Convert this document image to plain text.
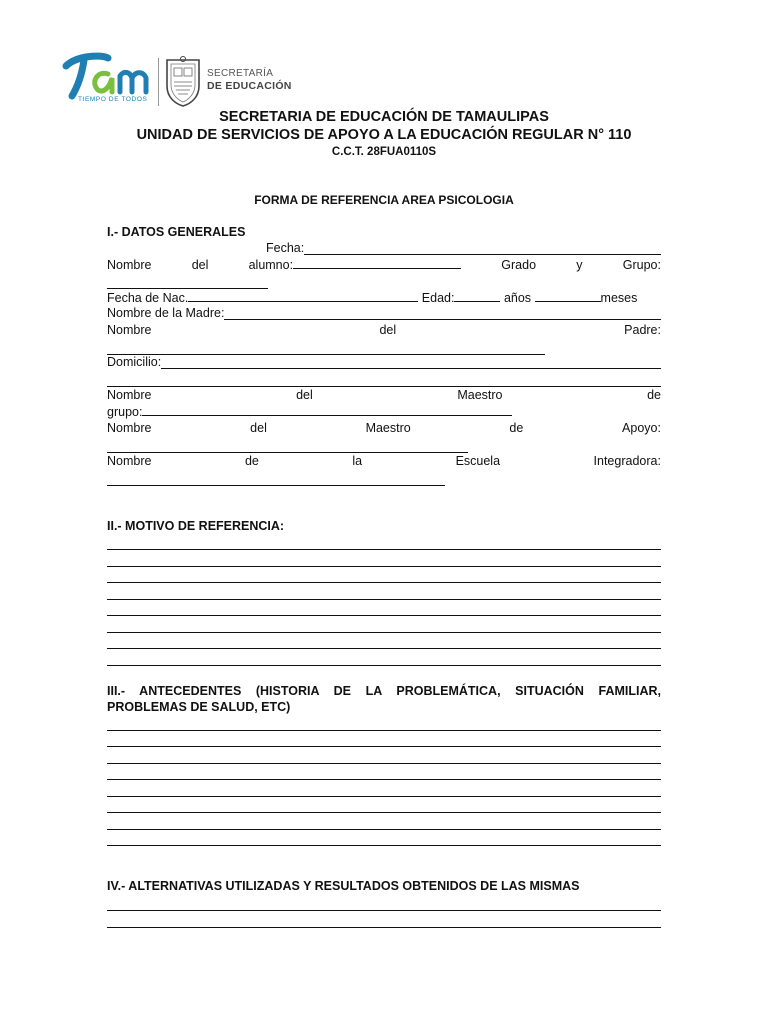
Tam
TIEMPO DE TODOS
SECRETARÍA
DE EDUCACIÓN
SECRETARIA DE EDUCACIÓN DE TAMAULIPAS
UNIDAD DE SERVICIOS DE APOYO A LA EDUCACIÓN REGULAR N° 110
C.C.T. 28FUA0110S
FORMA DE REFERENCIA AREA PSICOLOGIA
I.- DATOS GENERALES
Fecha:
Nombre	del	alumno:	Grado	y	Grupo:
Fecha de Nac.	Edad:	años	meses
Nombre de la Madre:
Nombre	del	Padre:
Domicilio:
Nombre	del	Maestro	de
grupo:
Nombre	del	Maestro	de	Apoyo:
Nombre	de	la	Escuela	Integradora:
II.- MOTIVO DE REFERENCIA:
III.- ANTECEDENTES (HISTORIA DE LA PROBLEMÁTICA, SITUACIÓN FAMILIAR,
PROBLEMAS DE SALUD, ETC)
IV.- ALTERNATIVAS UTILIZADAS Y RESULTADOS OBTENIDOS DE LAS MISMAS
